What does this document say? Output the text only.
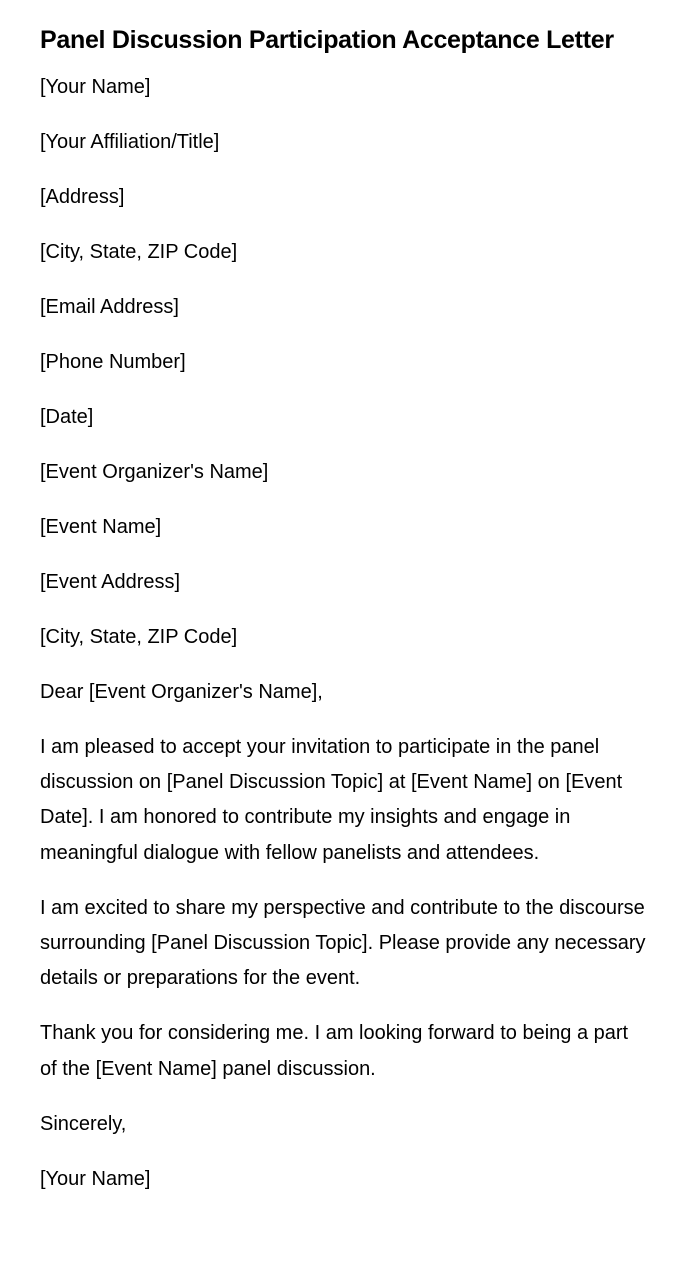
Panel Discussion Participation Acceptance Letter
[Your Name]
[Your Affiliation/Title]
[Address]
[City, State, ZIP Code]
[Email Address]
[Phone Number]
[Date]
[Event Organizer's Name]
[Event Name]
[Event Address]
[City, State, ZIP Code]
Dear [Event Organizer's Name],
I am pleased to accept your invitation to participate in the panel discussion on [Panel Discussion Topic] at [Event Name] on [Event Date]. I am honored to contribute my insights and engage in meaningful dialogue with fellow panelists and attendees.
I am excited to share my perspective and contribute to the discourse surrounding [Panel Discussion Topic]. Please provide any necessary details or preparations for the event.
Thank you for considering me. I am looking forward to being a part of the [Event Name] panel discussion.
Sincerely,
[Your Name]
